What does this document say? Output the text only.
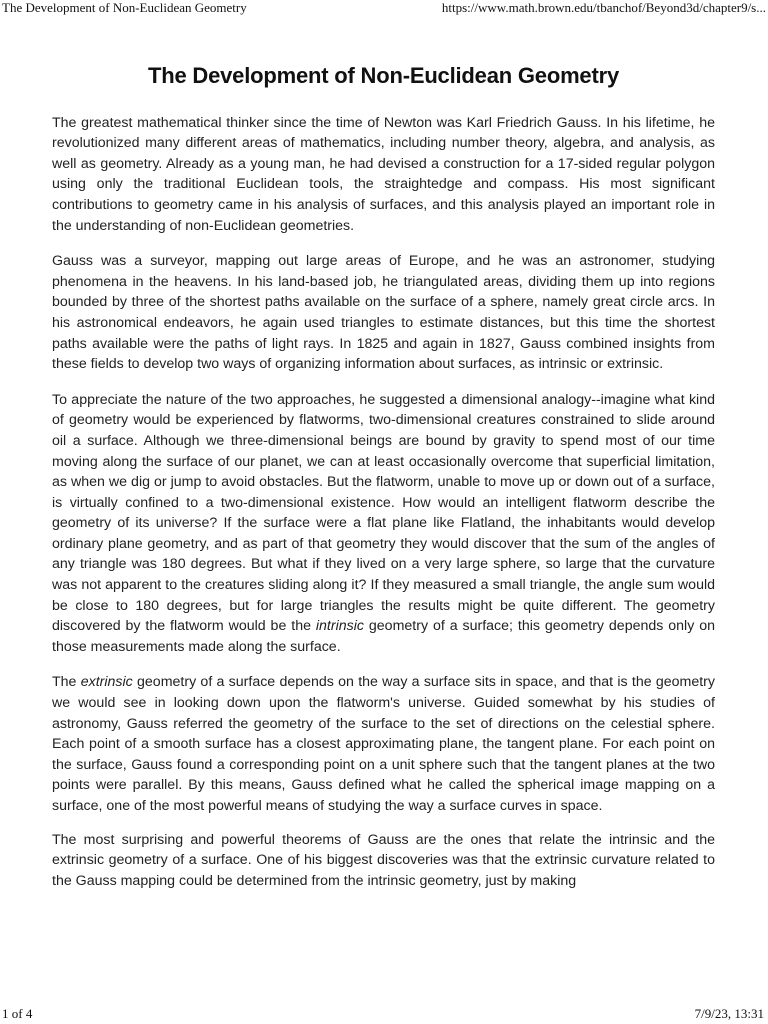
The Development of Non-Euclidean Geometry	https://www.math.brown.edu/tbanchof/Beyond3d/chapter9/s...
The Development of Non-Euclidean Geometry

The greatest mathematical thinker since the time of Newton was Karl Friedrich Gauss. In his lifetime, he revolutionized many different areas of mathematics, including number theory, algebra, and analysis, as well as geometry. Already as a young man, he had devised a construction for a 17-sided regular polygon using only the traditional Euclidean tools, the straightedge and compass. His most significant contributions to geometry came in his analysis of surfaces, and this analysis played an important role in the understanding of non-Euclidean geometries.

Gauss was a surveyor, mapping out large areas of Europe, and he was an astronomer, studying phenomena in the heavens. In his land-based job, he triangulated areas, dividing them up into regions bounded by three of the shortest paths available on the surface of a sphere, namely great circle arcs. In his astronomical endeavors, he again used triangles to estimate distances, but this time the shortest paths available were the paths of light rays. In 1825 and again in 1827, Gauss combined insights from these fields to develop two ways of organizing information about surfaces, as intrinsic or extrinsic.

To appreciate the nature of the two approaches, he suggested a dimensional analogy--imagine what kind of geometry would be experienced by flatworms, two-dimensional creatures constrained to slide around oil a surface. Although we three-dimensional beings are bound by gravity to spend most of our time moving along the surface of our planet, we can at least occasionally overcome that superficial limitation, as when we dig or jump to avoid obstacles. But the flatworm, unable to move up or down out of a surface, is virtually confined to a two-dimensional existence. How would an intelligent flatworm describe the geometry of its universe? If the surface were a flat plane like Flatland, the inhabitants would develop ordinary plane geometry, and as part of that geometry they would discover that the sum of the angles of any triangle was 180 degrees. But what if they lived on a very large sphere, so large that the curvature was not apparent to the creatures sliding along it? If they measured a small triangle, the angle sum would be close to 180 degrees, but for large triangles the results might be quite different. The geometry discovered by the flatworm would be the intrinsic geometry of a surface; this geometry depends only on those measurements made along the surface.

The extrinsic geometry of a surface depends on the way a surface sits in space, and that is the geometry we would see in looking down upon the flatworm's universe. Guided somewhat by his studies of astronomy, Gauss referred the geometry of the surface to the set of directions on the celestial sphere. Each point of a smooth surface has a closest approximating plane, the tangent plane. For each point on the surface, Gauss found a corresponding point on a unit sphere such that the tangent planes at the two points were parallel. By this means, Gauss defined what he called the spherical image mapping on a surface, one of the most powerful means of studying the way a surface curves in space.

The most surprising and powerful theorems of Gauss are the ones that relate the intrinsic and the extrinsic geometry of a surface. One of his biggest discoveries was that the extrinsic curvature related to the Gauss mapping could be determined from the intrinsic geometry, just by making

1 of 4	7/9/23, 13:31
